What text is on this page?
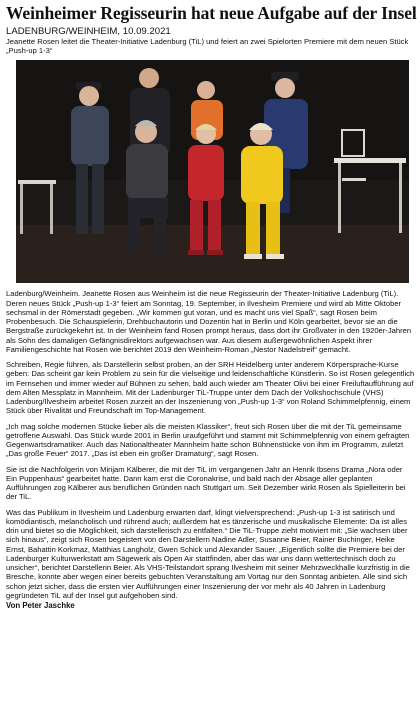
Weinheimer Regisseurin hat neue Aufgabe auf der Insel
LADENBURG/WEINHEIM, 10.09.2021
Jeanette Rosen leitet die Theater-Initiative Ladenburg (TiL) und feiert an zwei Spielorten Premiere mit dem neuen Stück „Push-up 1-3“

Ladenburg/Weinheim. Jeanette Rosen aus Weinheim ist die neue Regisseurin der Theater-Initiative Ladenburg (TiL). Deren neues Stück „Push-up 1-3“ feiert am Sonntag, 19. September, in Ilvesheim Premiere und wird ab Mitte Oktober sechsmal in der Römerstadt gegeben. „Wir kommen gut voran, und es macht uns viel Spaß“, sagt Rosen beim Probenbesuch. Die Schauspielerin, Drehbuchautorin und Dozentin hat in Berlin und Köln gearbeitet, bevor sie an die Bergstraße zurückgekehrt ist. In der Weinheim fand Rosen prompt heraus, dass dort ihr Großvater in den 1920er-Jahren als Sohn des damaligen Gefängnisdirektors aufgewachsen war. Aus diesem außergewöhnlichen Aspekt ihrer Familiengeschichte hat Rosen wie berichtet 2019 den Weinheim-Roman „Nestor Nadelstreif“ gemacht.

Schreiben, Regie führen, als Darstellerin selbst proben, an der SRH Heidelberg unter anderem Körpersprache-Kurse geben: Das scheint gar kein Problem zu sein für die vielseitige und leidenschaftliche Künstlerin. So ist Rosen gelegentlich im Fernsehen und immer wieder auf Bühnen zu sehen, bald auch wieder am Theater Olivi bei einer Freiluftaufführung auf dem Alten Messplatz in Mannheim. Mit der Ladenburger TiL-Truppe unter dem Dach der Volkshochschule (VHS) Ladenburg/Ilvesheim arbeitet Rosen zurzeit an der Inszenierung von „Push-up 1-3“ von Roland Schimmelpfennig, einem Stück über Rivalität und Freundschaft im Top-Management.

„Ich mag solche modernen Stücke lieber als die meisten Klassiker“, freut sich Rosen über die mit der TiL gemeinsame getroffene Auswahl. Das Stück wurde 2001 in Berlin uraufgeführt und stammt mit Schimmelpfennig von einem gefragten Gegenwartsdramatiker. Auch das Nationaltheater Mannheim hatte schon Bühnenstücke von ihm im Programm, zuletzt „Das große Feuer“ 2017. „Das ist eben ein großer Dramaturg“, sagt Rosen.

Sie ist die Nachfolgerin von Mirijam Kälberer, die mit der TiL im vergangenen Jahr an Henrik Ibsens Drama „Nora oder Ein Puppenhaus“ gearbeitet hatte. Dann kam erst die Coronakrise, und bald nach der Absage aller geplanten Aufführungen zog Kälberer aus beruflichen Gründen nach Stuttgart um. Seit Dezember wirkt Rosen als Spielleiterin bei der TiL.

Was das Publikum in Ilvesheim und Ladenburg erwarten darf, klingt vielversprechend: „Push-up 1-3 ist satirisch und komödiantisch, melancholisch und rührend auch; außerdem hat es tänzerische und musikalische Elemente: Da ist alles drin und bietet so die Möglichkeit, sich darstellerisch zu entfalten.“ Die TiL-Truppe zieht motiviert mit: „Sie wachsen über sich hinaus“, zeigt sich Rosen begeistert von den Darstellern Nadine Adler, Susanne Beier, Rainer Buchinger, Heike Ernst, Bahattin Korkmaz, Matthias Langholz, Gwen Schick und Alexander Sauer. „Eigentlich sollte die Premiere bei der Ladenburger Kulturwerkstatt am Sägewerk als Open Air stattfinden, aber das war uns dann wettertechnisch doch zu unsicher“, berichtet Darstellerin Beier. Als VHS-Teilstandort sprang Ilvesheim mit seiner Mehrzweckhalle kurzfristig in die Bresche, konnte aber wegen einer bereits gebuchten Veranstaltung am Vortag nur den Sonntag anbieten. Alle sind sich schon jetzt sicher, dass die ersten vier Aufführungen einer Inszenierung der vor mehr als 40 Jahren in Ladenburg gegründeten TiL auf der Insel gut aufgehoben sind.

Von Peter Jaschke
